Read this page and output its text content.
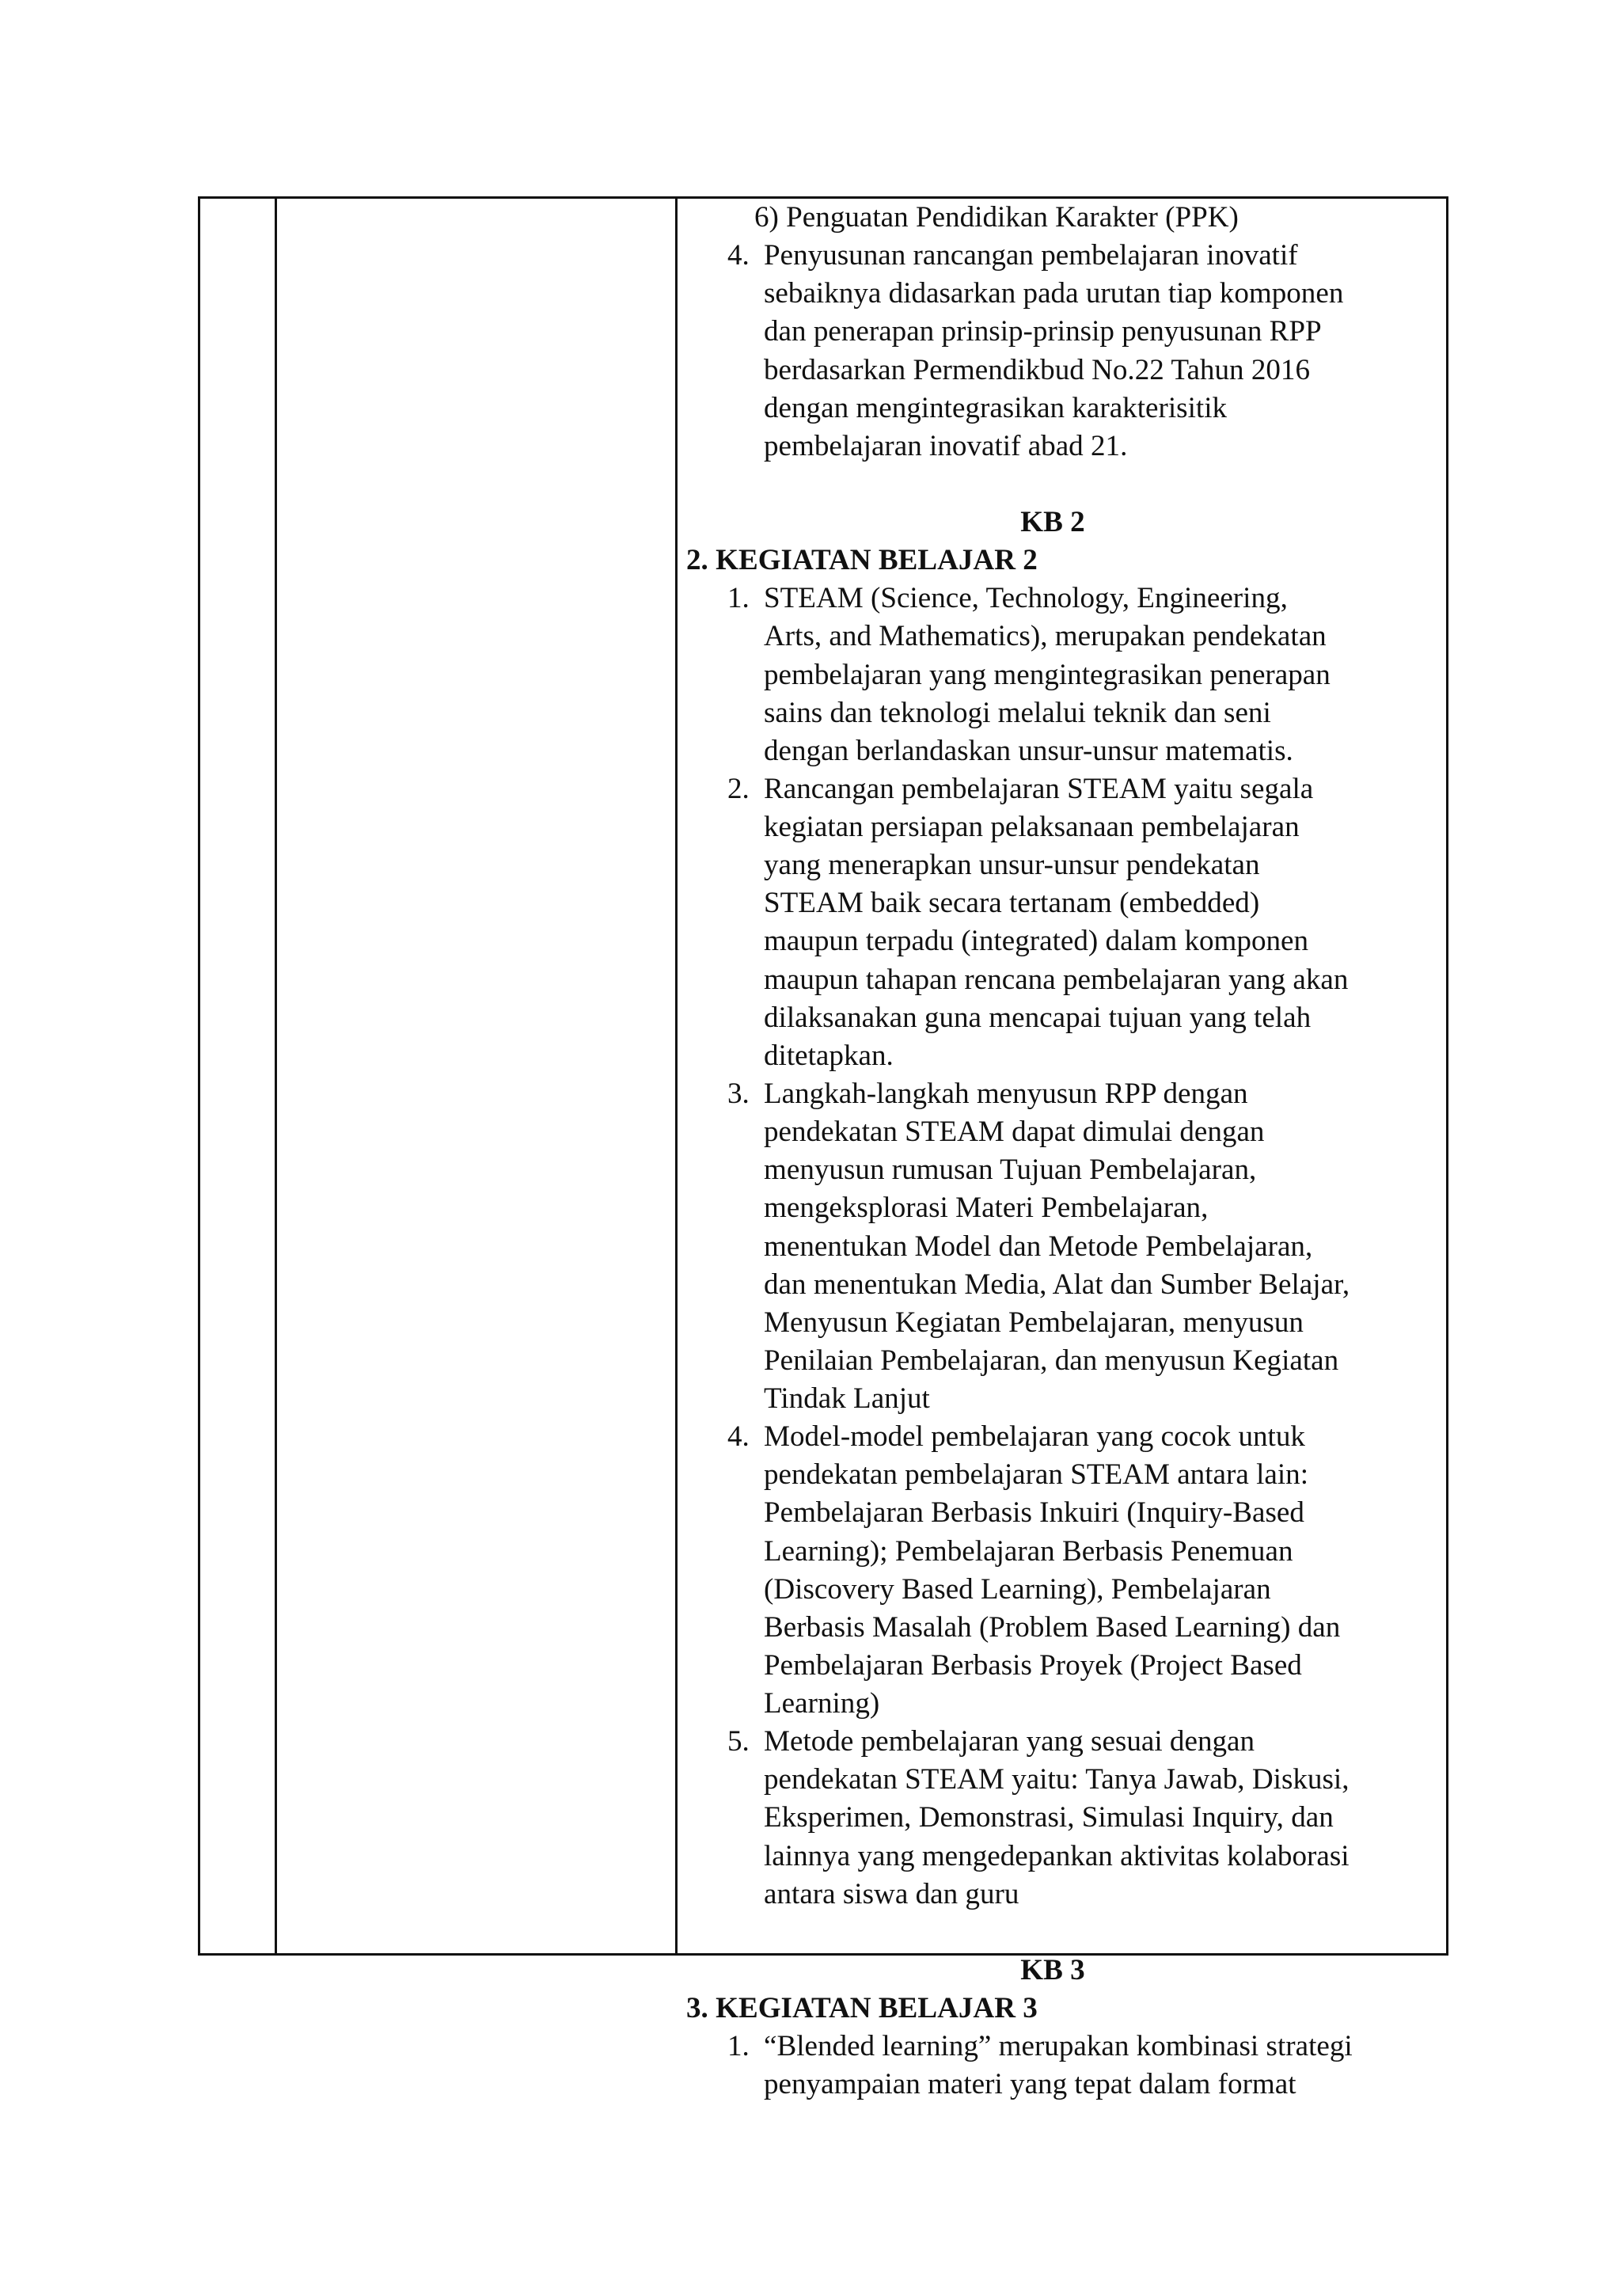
6) Penguatan Pendidikan Karakter (PPK)
4. Penyusunan rancangan pembelajaran inovatif
sebaiknya didasarkan pada urutan tiap komponen
dan penerapan prinsip-prinsip penyusunan RPP
berdasarkan Permendikbud No.22 Tahun 2016
dengan mengintegrasikan karakterisitik
pembelajaran inovatif abad 21.
KB 2
2. KEGIATAN BELAJAR 2
1. STEAM (Science, Technology, Engineering,
Arts, and Mathematics), merupakan pendekatan
pembelajaran yang mengintegrasikan penerapan
sains dan teknologi melalui teknik dan seni
dengan berlandaskan unsur-unsur matematis.
2. Rancangan pembelajaran STEAM yaitu segala
kegiatan persiapan pelaksanaan pembelajaran
yang menerapkan unsur-unsur pendekatan
STEAM baik secara tertanam (embedded)
maupun terpadu (integrated) dalam komponen
maupun tahapan rencana pembelajaran yang akan
dilaksanakan guna mencapai tujuan yang telah
ditetapkan.
3. Langkah-langkah menyusun RPP dengan
pendekatan STEAM dapat dimulai dengan
menyusun rumusan Tujuan Pembelajaran,
mengeksplorasi Materi Pembelajaran,
menentukan Model dan Metode Pembelajaran,
dan menentukan Media, Alat dan Sumber Belajar,
Menyusun Kegiatan Pembelajaran, menyusun
Penilaian Pembelajaran, dan menyusun Kegiatan
Tindak Lanjut
4. Model-model pembelajaran yang cocok untuk
pendekatan pembelajaran STEAM antara lain:
Pembelajaran Berbasis Inkuiri (Inquiry-Based
Learning); Pembelajaran Berbasis Penemuan
(Discovery Based Learning), Pembelajaran
Berbasis Masalah (Problem Based Learning) dan
Pembelajaran Berbasis Proyek (Project Based
Learning)
5. Metode pembelajaran yang sesuai dengan
pendekatan STEAM yaitu: Tanya Jawab, Diskusi,
Eksperimen, Demonstrasi, Simulasi Inquiry, dan
lainnya yang mengedepankan aktivitas kolaborasi
antara siswa dan guru
KB 3
3. KEGIATAN BELAJAR 3
1. “Blended learning” merupakan kombinasi strategi
penyampaian materi yang tepat dalam format
